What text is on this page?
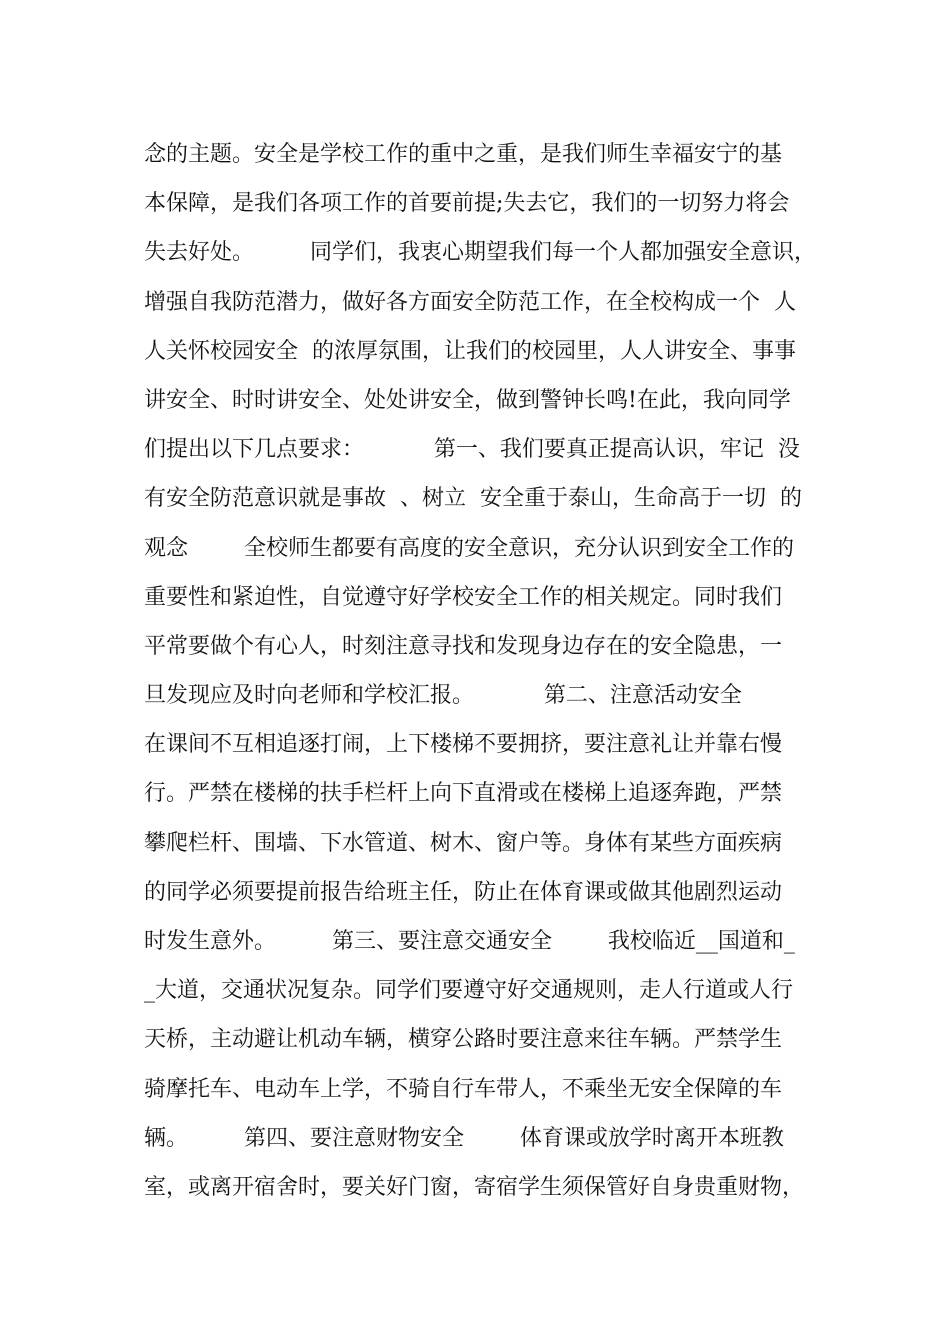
念的主题。安全是学校工作的重中之重，是我们师生幸福安宁的基
本保障，是我们各项工作的首要前提;失去它，我们的一切努力将会
失去好处。        同学们，我衷心期望我们每一个人都加强安全意识，
增强自我防范潜力，做好各方面安全防范工作，在全校构成一个  人
人关怀校园安全  的浓厚氛围，让我们的校园里，人人讲安全、事事
讲安全、时时讲安全、处处讲安全，做到警钟长鸣!在此，我向同学
们提出以下几点要求：          第一、我们要真正提高认识，牢记  没
有安全防范意识就是事故  、树立  安全重于泰山，生命高于一切  的
观念        全校师生都要有高度的安全意识，充分认识到安全工作的
重要性和紧迫性，自觉遵守好学校安全工作的相关规定。同时我们
平常要做个有心人，时刻注意寻找和发现身边存在的安全隐患，一
旦发现应及时向老师和学校汇报。          第二、注意活动安全
在课间不互相追逐打闹，上下楼梯不要拥挤，要注意礼让并靠右慢
行。严禁在楼梯的扶手栏杆上向下直滑或在楼梯上追逐奔跑，严禁
攀爬栏杆、围墙、下水管道、树木、窗户等。身体有某些方面疾病
的同学必须要提前报告给班主任，防止在体育课或做其他剧烈运动
时发生意外。        第三、要注意交通安全        我校临近__国道和_
_大道，交通状况复杂。同学们要遵守好交通规则，走人行道或人行
天桥，主动避让机动车辆，横穿公路时要注意来往车辆。严禁学生
骑摩托车、电动车上学，不骑自行车带人，不乘坐无安全保障的车
辆。        第四、要注意财物安全        体育课或放学时离开本班教
室，或离开宿舍时，要关好门窗，寄宿学生须保管好自身贵重财物，
